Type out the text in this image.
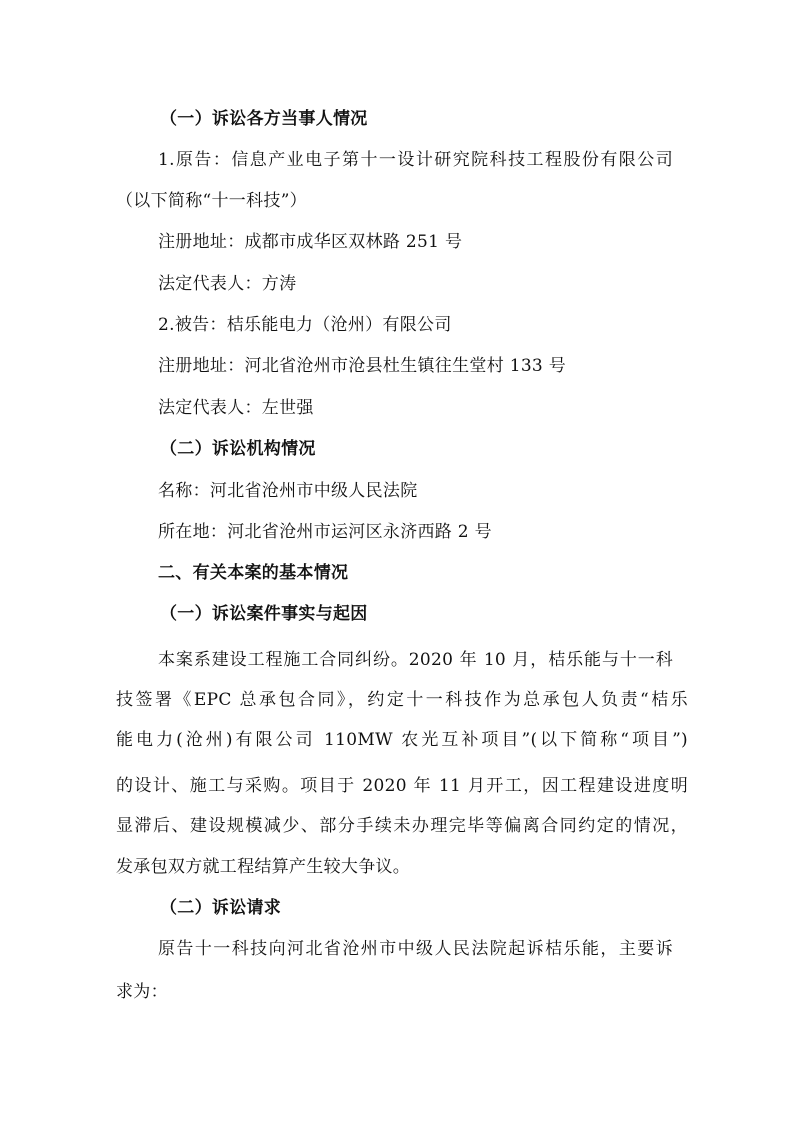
（一）诉讼各方当事人情况
1.原告：信息产业电子第十一设计研究院科技工程股份有限公司
（以下简称“十一科技”）
注册地址：成都市成华区双林路 251 号
法定代表人：方涛
2.被告：桔乐能电力（沧州）有限公司
注册地址：河北省沧州市沧县杜生镇往生堂村 133 号
法定代表人：左世强
（二）诉讼机构情况
名称：河北省沧州市中级人民法院
所在地：河北省沧州市运河区永济西路 2 号
二、有关本案的基本情况
（一）诉讼案件事实与起因
本案系建设工程施工合同纠纷。2020 年 10 月，桔乐能与十一科
技签署《EPC 总承包合同》，约定十一科技作为总承包人负责“桔乐
能电力(沧州)有限公司 110MW 农光互补项目”(以下简称“项目”)
的设计、施工与采购。项目于 2020 年 11 月开工，因工程建设进度明
显滞后、建设规模减少、部分手续未办理完毕等偏离合同约定的情况，
发承包双方就工程结算产生较大争议。
（二）诉讼请求
原告十一科技向河北省沧州市中级人民法院起诉桔乐能，主要诉
求为：
